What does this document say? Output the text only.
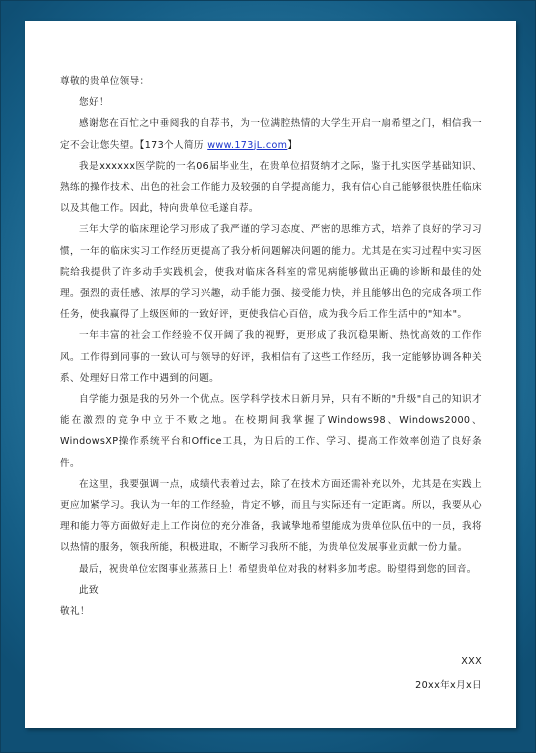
尊敬的贵单位领导：

您好！

感谢您在百忙之中垂阅我的自荐书，为一位满腔热情的大学生开启一扇希望之门，相信我一定不会让您失望。【173个人简历 www.173jL.com】

我是xxxxxx医学院的一名06届毕业生，在贵单位招贤纳才之际，鉴于扎实医学基础知识、熟练的操作技术、出色的社会工作能力及较强的自学提高能力，我有信心自己能够很快胜任临床以及其他工作。因此，特向贵单位毛遂自荐。

三年大学的临床理论学习形成了我严谨的学习态度、严密的思维方式，培养了良好的学习习惯，一年的临床实习工作经历更提高了我分析问题解决问题的能力。尤其是在实习过程中实习医院给我提供了许多动手实践机会，使我对临床各科室的常见病能够做出正确的诊断和最佳的处理。强烈的责任感、浓厚的学习兴趣，动手能力强、接受能力快，并且能够出色的完成各项工作任务，使我赢得了上级医师的一致好评，更使我信心百倍，成为我今后工作生活中的"知本"。

一年丰富的社会工作经验不仅开阔了我的视野，更形成了我沉稳果断、热忱高效的工作作风。工作得到同事的一致认可与领导的好评，我相信有了这些工作经历，我一定能够协调各种关系、处理好日常工作中遇到的问题。

自学能力强是我的另外一个优点。医学科学技术日新月异，只有不断的"升级"自己的知识才能在激烈的竞争中立于不败之地。在校期间我掌握了Windows98、Windows2000、WindowsXP操作系统平台和Office工具，为日后的工作、学习、提高工作效率创造了良好条件。

在这里，我要强调一点，成绩代表着过去，除了在技术方面还需补充以外，尤其是在实践上更应加紧学习。我认为一年的工作经验，肯定不够，而且与实际还有一定距离。所以，我要从心理和能力等方面做好走上工作岗位的充分准备，我诚挚地希望能成为贵单位队伍中的一员，我将以热情的服务，领我所能，积极进取，不断学习我所不能，为贵单位发展事业贡献一份力量。

最后，祝贵单位宏图事业蒸蒸日上！希望贵单位对我的材料多加考虑。盼望得到您的回音。

此致

敬礼！

XXX
20xx年x月x日
